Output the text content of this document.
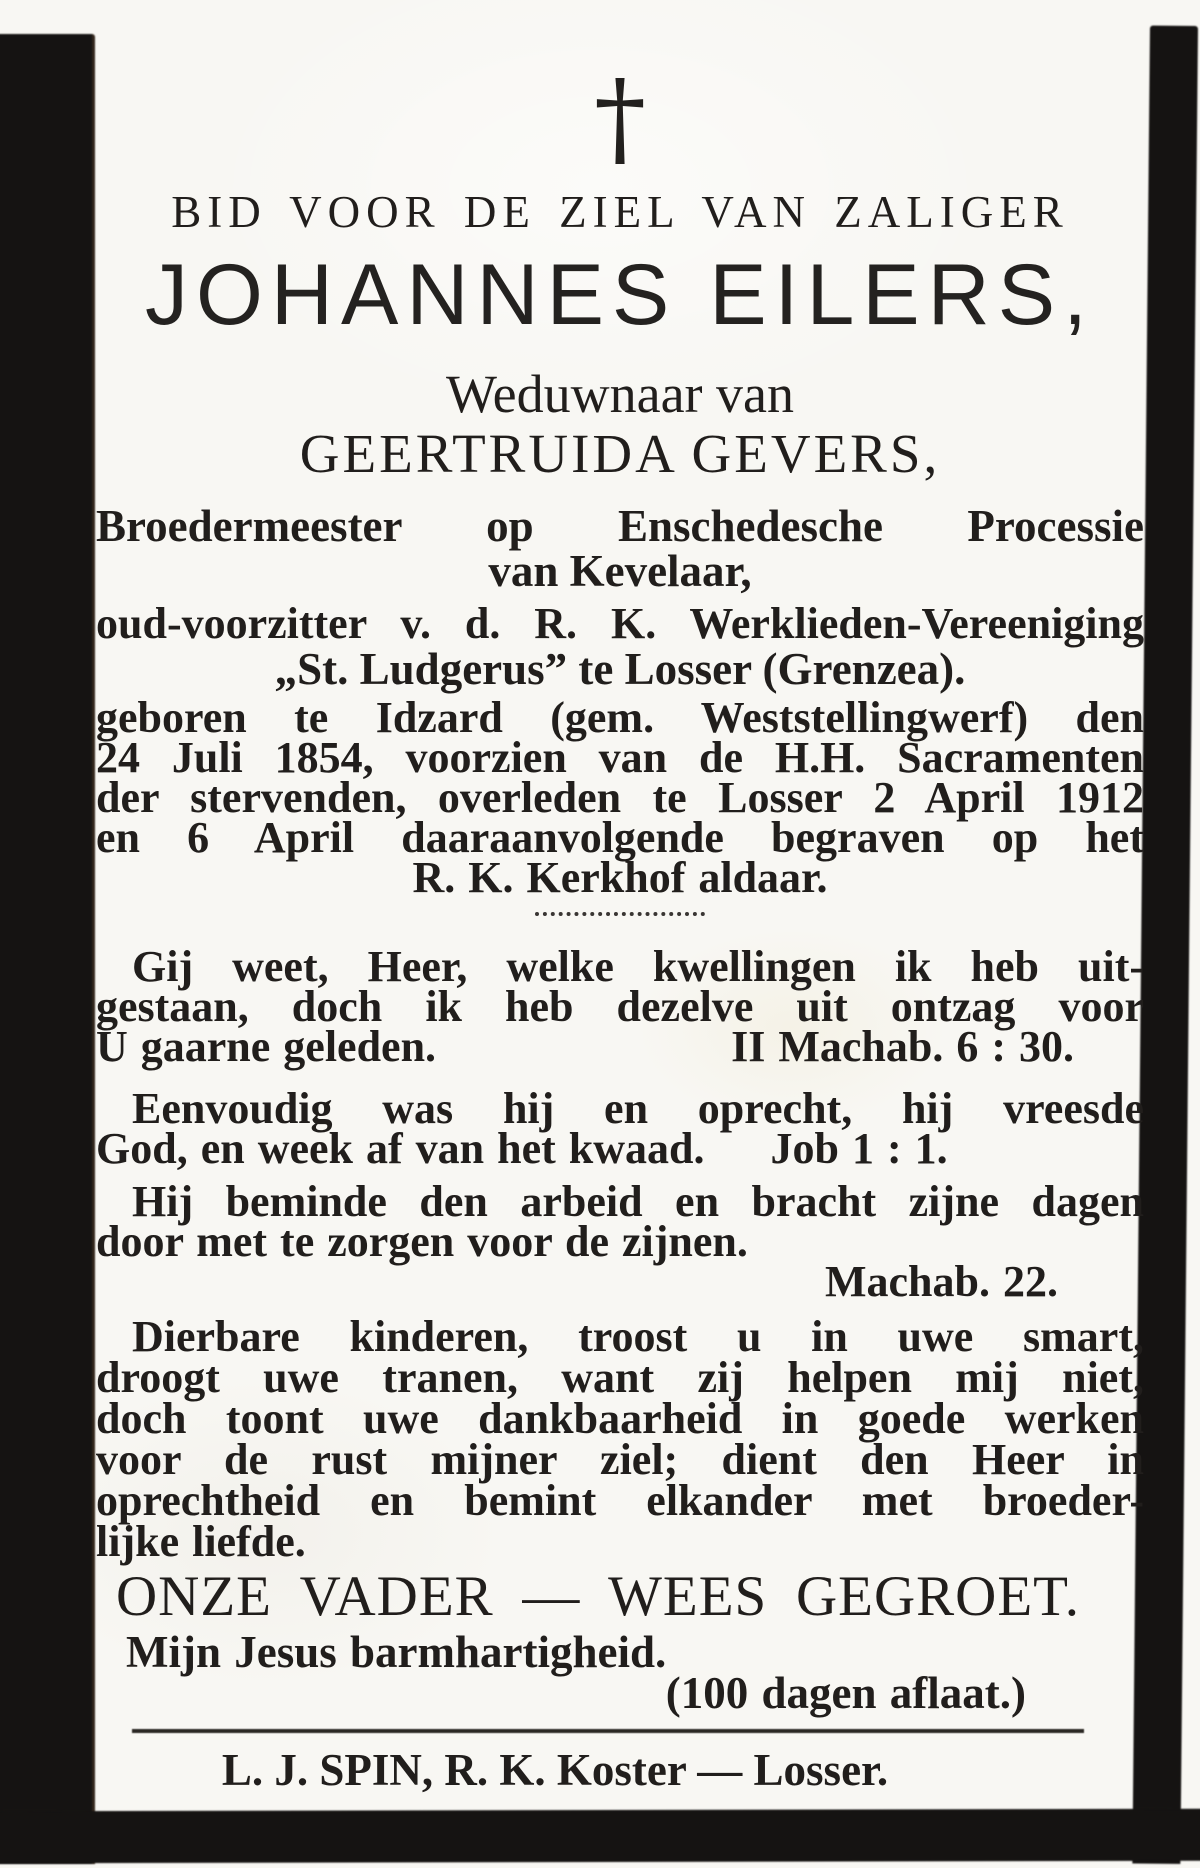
†
BID VOOR DE ZIEL VAN ZALIGER
JOHANNES EILERS,
Weduwnaar van
GEERTRUIDA GEVERS,
Broedermeester op Enschedesche Processie
van Kevelaar,
oud-voorzitter v. d. R. K. Werklieden-Vereeniging
„St. Ludgerus” te Losser (Grenzea).
geboren te Idzard (gem. Weststellingwerf) den
24 Juli 1854, voorzien van de H.H. Sacramenten
der stervenden, overleden te Losser 2 April 1912
en 6 April daaraanvolgende begraven op het
R. K. Kerkhof aldaar.
Gij weet, Heer, welke kwellingen ik heb uit-
gestaan, doch ik heb dezelve uit ontzag voor
U gaarne geleden.	II Machab. 6 : 30.
Eenvoudig was hij en oprecht, hij vreesde
God, en week af van het kwaad. Job 1 : 1.
Hij beminde den arbeid en bracht zijne dagen
door met te zorgen voor de zijnen.
Machab. 22.
Dierbare kinderen, troost u in uwe smart,
droogt uwe tranen, want zij helpen mij niet,
doch toont uwe dankbaarheid in goede werken
voor de rust mijner ziel; dient den Heer in
oprechtheid en bemint elkander met broeder-
lijke liefde.
ONZE VADER — WEES GEGROET.
Mijn Jesus barmhartigheid.
(100 dagen aflaat.)
L. J. SPIN, R. K. Koster — Losser.
